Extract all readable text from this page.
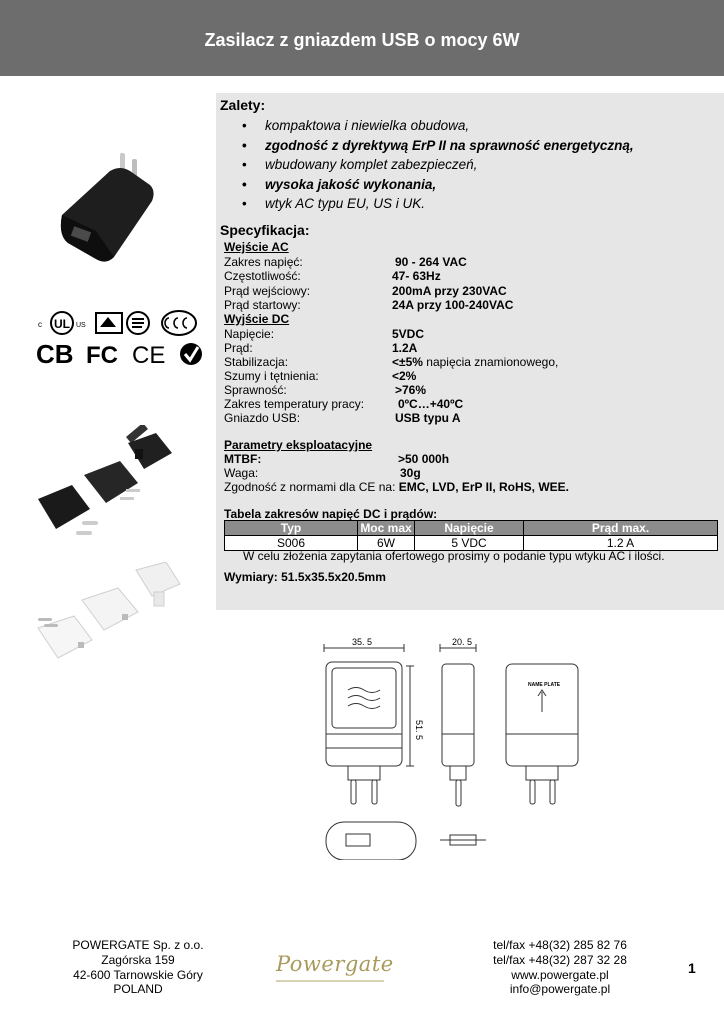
Zasilacz z gniazdem USB o mocy 6W
Zalety:
• kompaktowa i niewielka obudowa,
• zgodność z dyrektywą ErP II na sprawność energetyczną,
• wbudowany komplet zabezpieczeń,
• wysoka jakość wykonania,
• wtyk AC typu EU, US i UK.
Specyfikacja:
Wejście AC
Zakres napięć:	90 - 264 VAC
Częstotliwość:	47- 63Hz
Prąd wejściowy:	200mA przy 230VAC
Prąd startowy:	24A przy 100-240VAC
Wyjście DC
Napięcie:	5VDC
Prąd:	1.2A
Stabilizacja:	<±5% napięcia znamionowego,
Szumy i tętnienia:	<2%
Sprawność:	>76%
Zakres temperatury pracy:	0ºC…+40ºC
Gniazdo USB:	USB typu A
Parametry eksploatacyjne
MTBF:	>50 000h
Waga:	30g
Zgodność z normami dla CE na: EMC, LVD, ErP II, RoHS, WEE.
Tabela zakresów napięć DC i prądów:
Typ	Moc max	Napięcie	Prąd max.
S006	6W	5 VDC	1.2 A
W celu złożenia zapytania ofertowego prosimy o podanie typu wtyku AC i ilości.
Wymiary: 51.5x35.5x20.5mm
c UL US
CB FC CE
35. 5	20. 5
51. 5
NAME PLATE
POWERGATE Sp. z o.o.
Zagórska 159
42-600 Tarnowskie Góry
POLAND
Powergate
tel/fax +48(32) 285 82 76
tel/fax +48(32) 287 32 28
www.powergate.pl
info@powergate.pl
1
